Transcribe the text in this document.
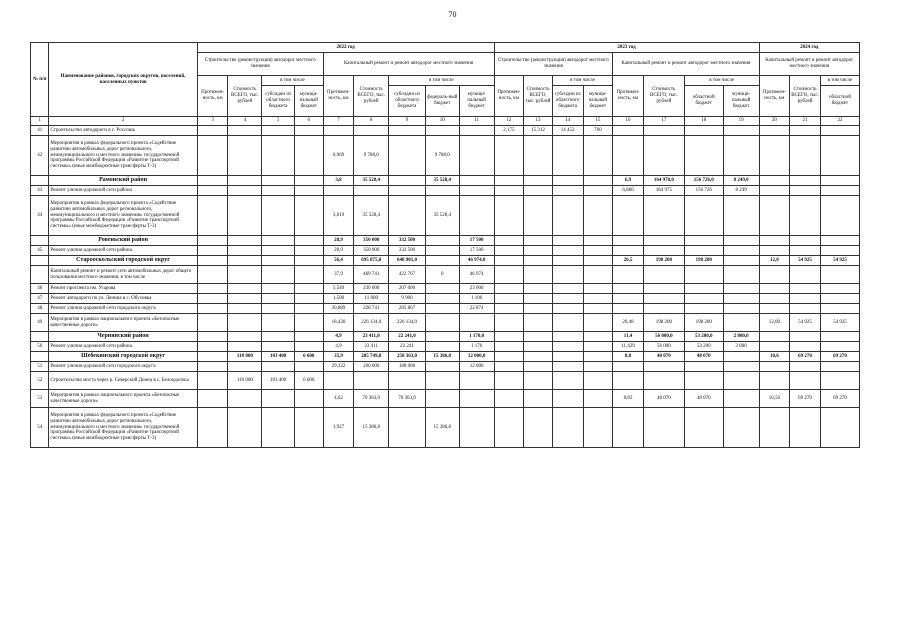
70
№ п/п	Наименование районов, городских округов, поселений, населенных пунктов	2022 год									2023 год								2024 год		
		Строительство (реконструкция) автодорог местного значения				Капитальный ремонт и ремонт автодорог местного значения					Строительство (реконструкция) автодорог местного значения				Капитальный ремонт и ремонт автодорог местного значения				Капитальный ремонт и ремонт автодорог местного значения		
		Протяжен-ность, км	Стоимость ВСЕГО, тыс. рублей	в том числе		Протяжен-ность, км	Стоимость ВСЕГО, тыс. рублей	в том числе			Протяжен-ность, км	Стоимость ВСЕГО, тыс. рублей	в том числе		Протяжен-ность, км	Стоимость ВСЕГО, тыс. рублей	в том числе		Протяжен-ность, км	Стоимость ВСЕГО, тыс. рублей	в том числе
				субсидии из областного бюджета	муници-пальный бюджет			субсидии из областного бюджета	федераль-ный бюджет	муници-пальный бюджет			субсидии из областного бюджета	муници-пальный бюджет			областной бюджет	муници-пальный бюджет			областной бюджет
1	2	3	4	5	6	7	8	9	10	11	12	13	14	15	16	17	18	19	20	21	22
41	Строительство автодороги в с. Россошь										2,175	15 212	14 452	760							
42	Мероприятия в рамках федерального проекта «Содействие развитию автомобильных дорог регионального, межмуниципального и местного значения» государственной программы Российской Федерации «Развитие транспортной системы» (иные межбюджетные трансферты Т-3)					0,969	9 788,0		9 788,0												
	Рамонский район					3,8	35 528,4		35 528,4						6,9	164 978,0	156 726,0	8 249,0			
43	Ремонт улично-дорожной сети района														6,880	164 975	156 726	8 249			
44	Мероприятия в рамках федерального проекта «Содействие развитию автомобильных дорог регионального, межмуниципального и местного значения» государственной программы Российской Федерации «Развитие транспортной системы» (иные межбюджетные трансферты Т-3)					3,819	35 528,4		35 528,4												
	Ровеньский район					28,9	350 000	332 500		17 500											
45	Ремонт улично-дорожной сети района					28,9	350 000	332 500		17 500											
	Старооскольский городской округ					56,4	695 875,0	648 901,0		46 974,0					20,5	198 200	198 200		12,0	54 925	54 925
	Капитальный ремонт и ремонт сети автомобильных дорог общего пользования местного значения, в том числе					37,9	469 741	422 767	0	46 974											
46	Ремонт проспекта им. Угарова					5,540	230 000	207 000		23 000											
47	Ремонт автодороги по ул. Ленина в с. Обуховка					1,500	11 000	9 900		1 100											
48	Ремонт улично-дорожной сети городского округа					30,889	228 741	205 867		22 874											
49	Мероприятия в рамках национального проекта «Безопасные качественные дороги»					18,430	226 134,0	226 134,0							20,48	198 200	198 200		12,00	54 925	54 925
	Чернянский район					4,9	23 411,0	22 241,0		1 170,0					11,4	56 000,0	53 200,0	2 800,0			
50	Ремонт улично-дорожной сети района					4,9	23 411	22 241		1 170					11,429	56 000	53 200	2 800			
	Шебекинский городской округ		110 000	103 400	6 600	35,9	285 749,8	258 363,0	15 386,8	12 000,0					8,8	48 070	48 070		10,6	69 270	69 270
51	Ремонт улично-дорожной сети городского округа					29,322	200 000	188 000		12 000											
52	Строительство моста через р. Северский Донец в с. Белоодолока		110 000	103 400	6 600																
53	Мероприятия в рамках национального проекта «Безопасные качественные дороги»					4,62	70 363,0	70 363,0							8,83	48 070	48 070		10,56	69 270	69 270
54	Мероприятия в рамках федерального проекта «Содействие развитию автомобильных дорог регионального, межмуниципального и местного значения» государственной программы Российской Федерации «Развитие транспортной системы» (иные межбюджетные трансферты Т-3)					1,927	15 386,8		15 386,8												
